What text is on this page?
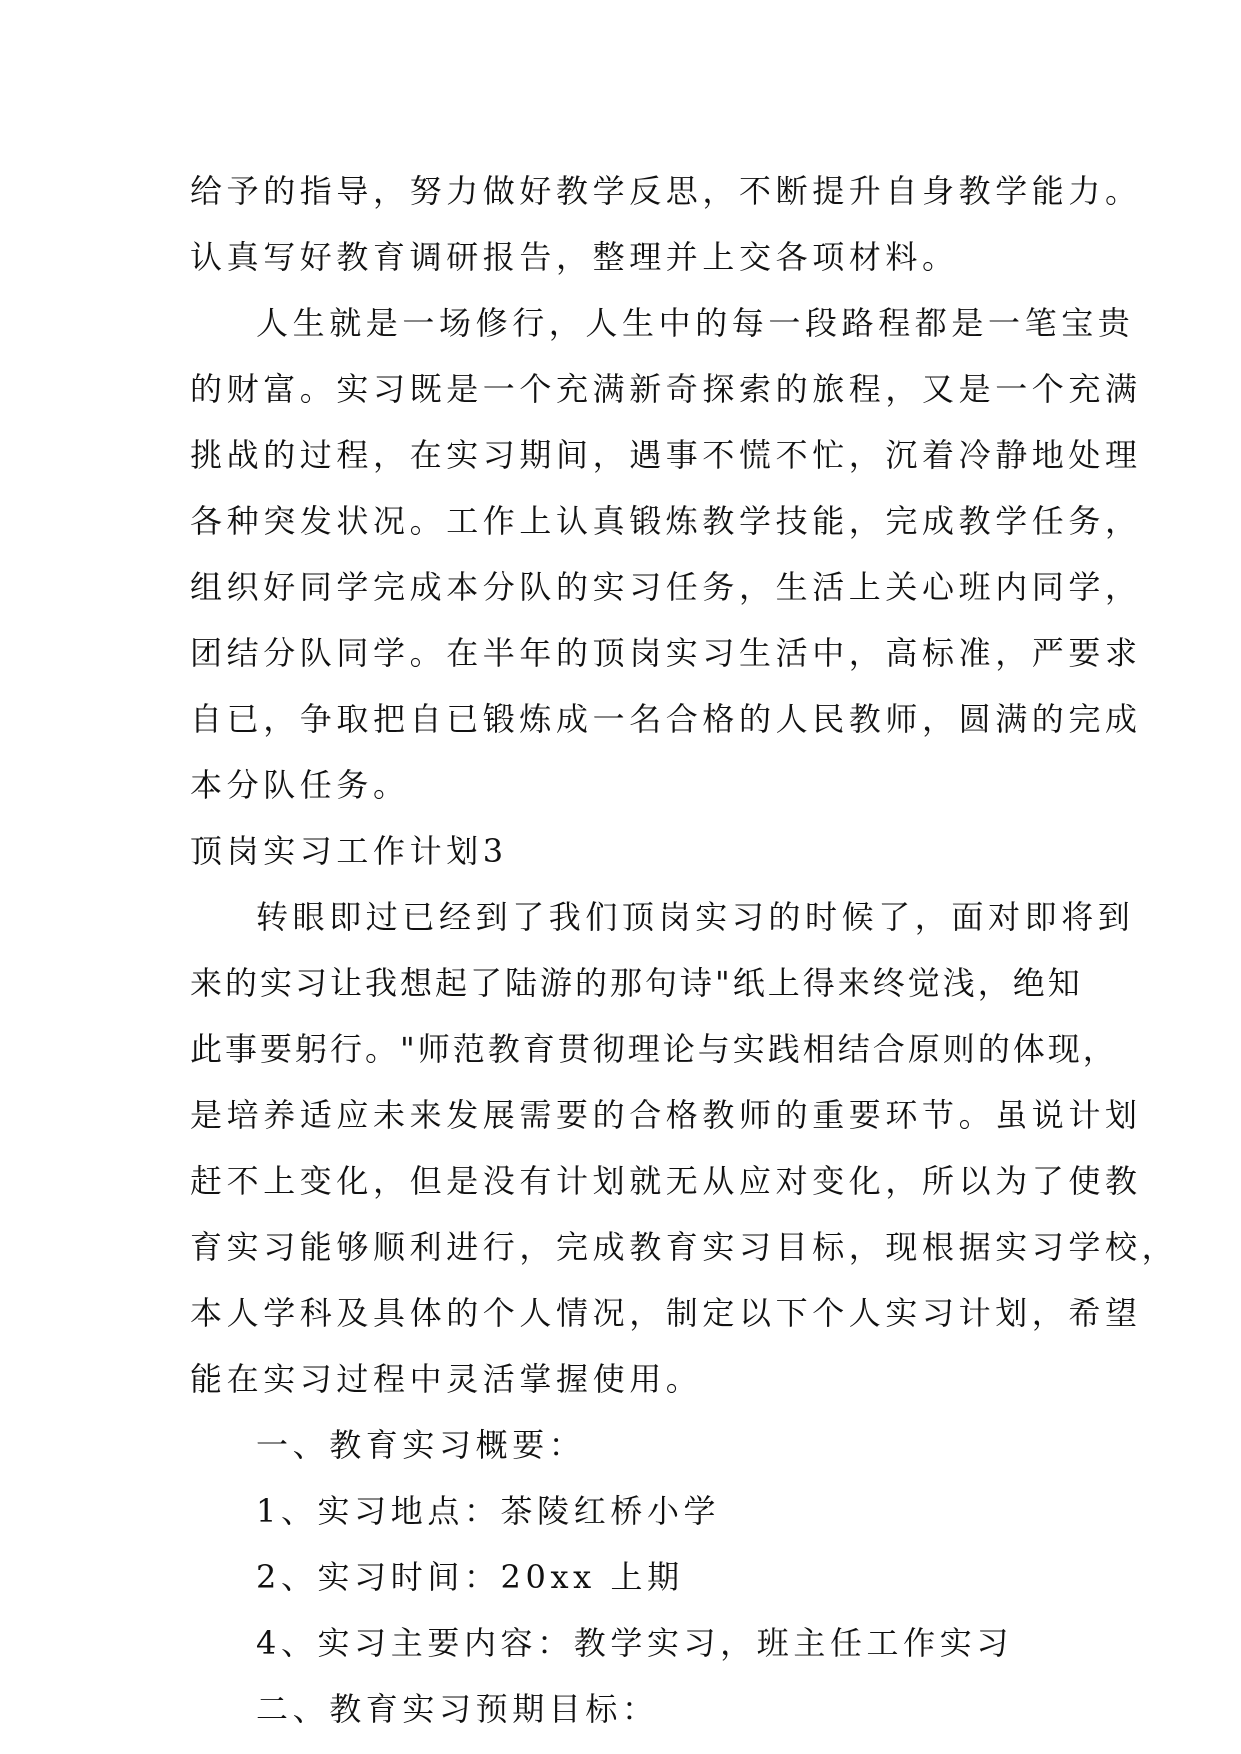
给予的指导，努力做好教学反思，不断提升自身教学能力。
认真写好教育调研报告，整理并上交各项材料。
人生就是一场修行，人生中的每一段路程都是一笔宝贵
的财富。实习既是一个充满新奇探索的旅程，又是一个充满
挑战的过程，在实习期间，遇事不慌不忙，沉着冷静地处理
各种突发状况。工作上认真锻炼教学技能，完成教学任务，
组织好同学完成本分队的实习任务，生活上关心班内同学，
团结分队同学。在半年的顶岗实习生活中，高标准，严要求
自已，争取把自已锻炼成一名合格的人民教师，圆满的完成
本分队任务。
顶岗实习工作计划3
转眼即过已经到了我们顶岗实习的时候了，面对即将到
来的实习让我想起了陆游的那句诗"纸上得来终觉浅，绝知
此事要躬行。"师范教育贯彻理论与实践相结合原则的体现，
是培养适应未来发展需要的合格教师的重要环节。虽说计划
赶不上变化，但是没有计划就无从应对变化，所以为了使教
育实习能够顺利进行，完成教育实习目标，现根据实习学校，
本人学科及具体的个人情况，制定以下个人实习计划，希望
能在实习过程中灵活掌握使用。
一、教育实习概要：
1、实习地点：茶陵红桥小学
2、实习时间：20xx 上期
4、实习主要内容：教学实习，班主任工作实习
二、教育实习预期目标：
